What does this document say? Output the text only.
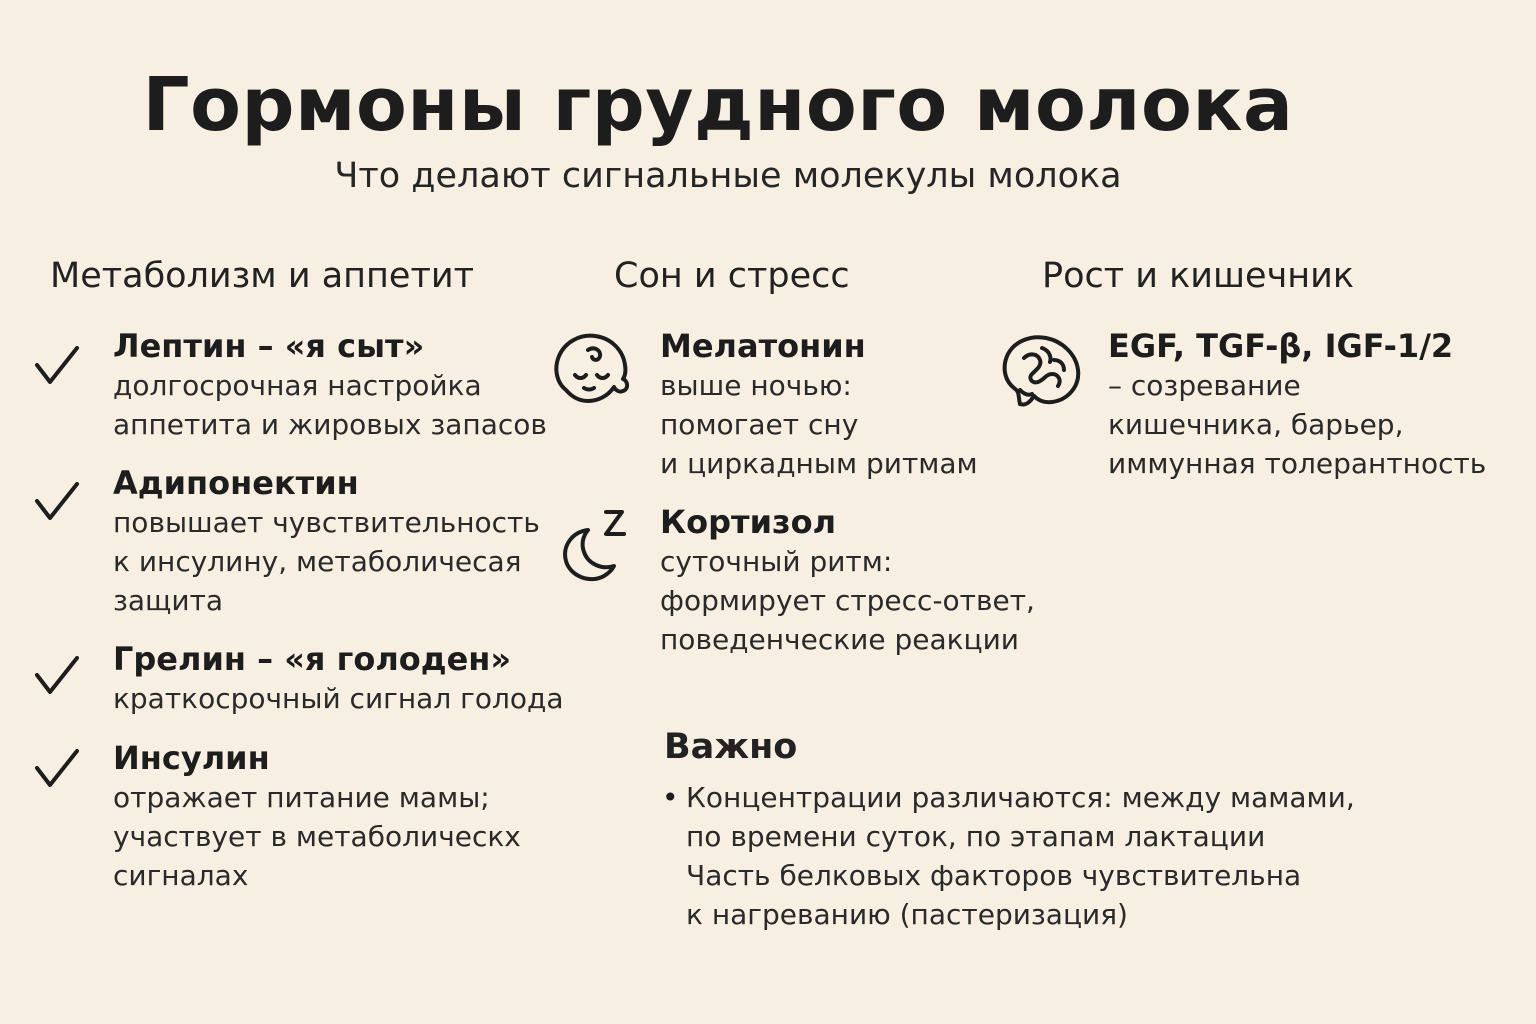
Гормоны грудного молока
Что делают сигнальные молекулы молока
Метаболизм и аппетит	Сон и стресс	Рост и кишечник
Лептин – «я сыт»
долгосрочная настройка
аппетита и жировых запасов
Адипонектин
повышает чувствительность
к инсулину, метаболичесая
защита
Грелин – «я голоден»
краткосрочный сигнал голода
Инсулин
отражает питание мамы;
участвует в метаболическх
сигналах
Мелатонин
выше ночью:
помогает сну
и циркадным ритмам
Кортизол
суточный ритм:
формирует стресс-ответ,
поведенческие реакции
EGF, TGF-β, IGF-1/2
– созревание
кишечника, барьер,
иммунная толерантность
Важно
• Концентрации различаются: между мамами,
по времени суток, по этапам лактации
Часть белковых факторов чувствительна
к нагреванию (пастеризация)
